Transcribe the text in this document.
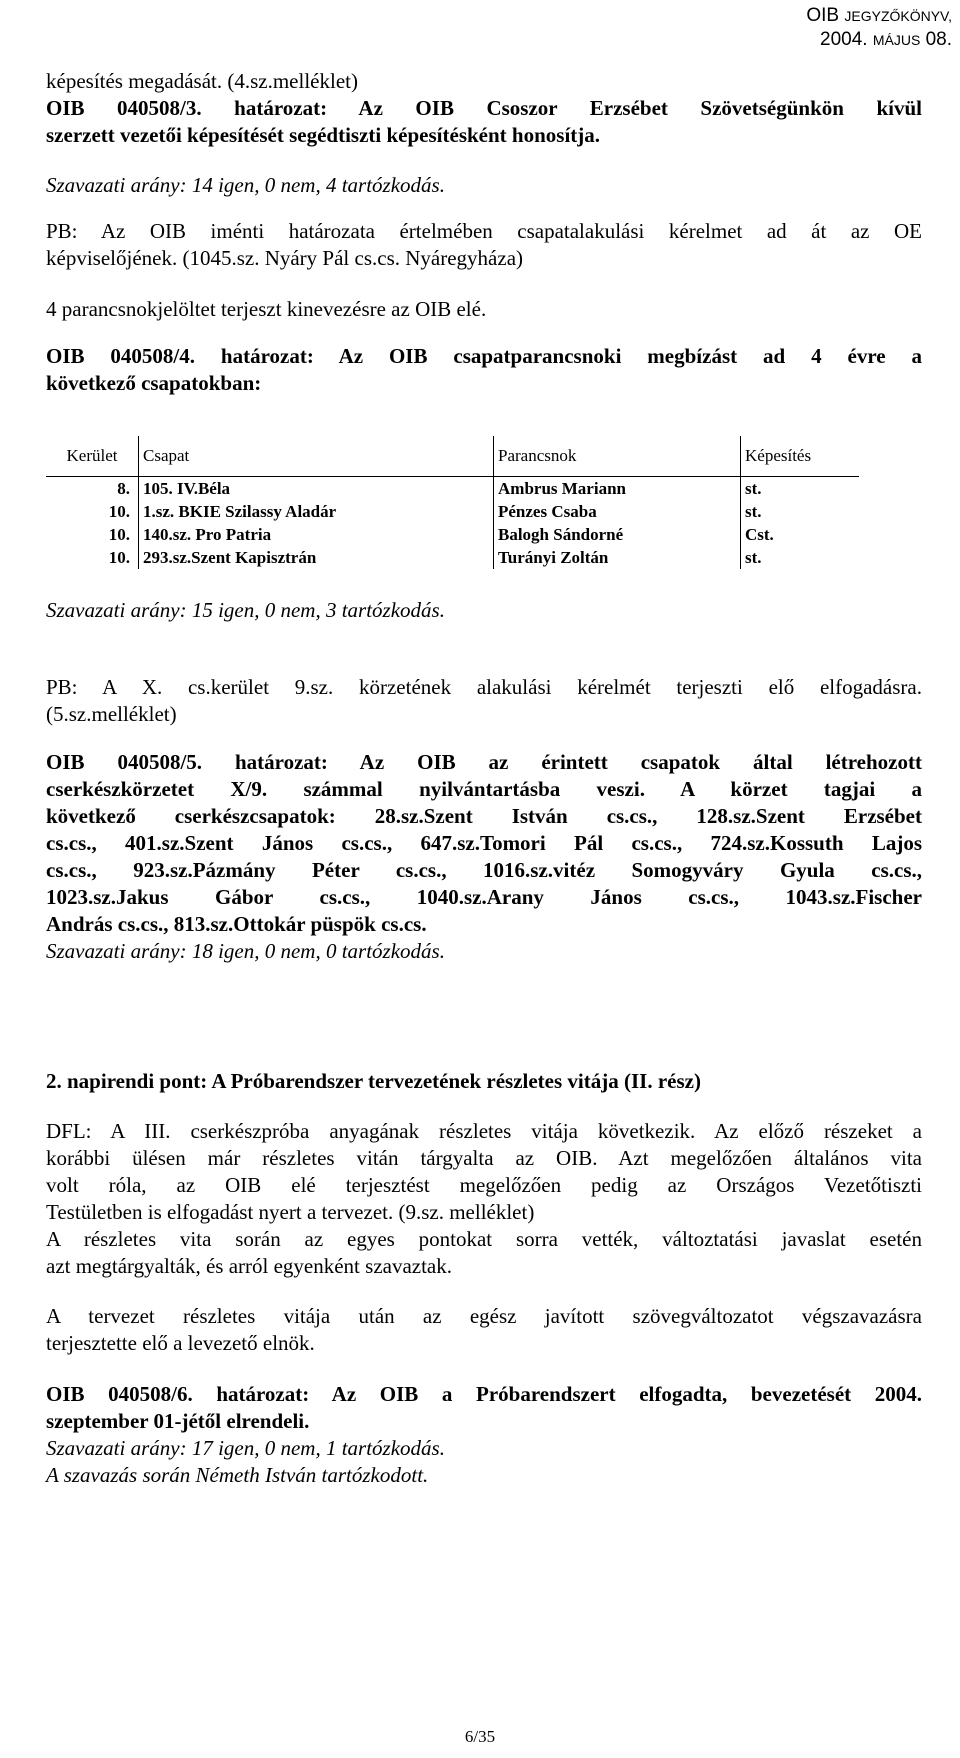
OIB JEGYZŐKÖNYV,
2004. MÁJUS 08.
képesítés megadását. (4.sz.melléklet)
OIB 040508/3. határozat: Az OIB Csoszor Erzsébet Szövetségünkön kívül
szerzett vezetői képesítését segédtiszti képesítésként honosítja.
Szavazati arány: 14 igen, 0 nem, 4 tartózkodás.
PB: Az OIB iménti határozata értelmében csapatalakulási kérelmet ad át az OE
képviselőjének. (1045.sz. Nyáry Pál cs.cs. Nyáregyháza)
4 parancsnokjelöltet terjeszt kinevezésre az OIB elé.
OIB 040508/4. határozat: Az OIB csapatparancsnoki megbízást ad 4 évre a
következő csapatokban:
Kerület	Csapat	Parancsnok	Képesítés
8.	105. IV.Béla	Ambrus Mariann	st.
10.	1.sz. BKIE Szilassy Aladár	Pénzes Csaba	st.
10.	140.sz. Pro Patria	Balogh Sándorné	Cst.
10.	293.sz.Szent Kapisztrán	Turányi Zoltán	st.
Szavazati arány: 15 igen, 0 nem, 3 tartózkodás.
PB: A X. cs.kerület 9.sz. körzetének alakulási kérelmét terjeszti elő elfogadásra.
(5.sz.melléklet)
OIB 040508/5. határozat: Az OIB az érintett csapatok által létrehozott
cserkészkörzetet X/9. számmal nyilvántartásba veszi. A körzet tagjai a
következő cserkészcsapatok: 28.sz.Szent István cs.cs., 128.sz.Szent Erzsébet
cs.cs., 401.sz.Szent János cs.cs., 647.sz.Tomori Pál cs.cs., 724.sz.Kossuth Lajos
cs.cs., 923.sz.Pázmány Péter cs.cs., 1016.sz.vitéz Somogyváry Gyula cs.cs.,
1023.sz.Jakus Gábor cs.cs., 1040.sz.Arany János cs.cs., 1043.sz.Fischer
András cs.cs., 813.sz.Ottokár püspök cs.cs.
Szavazati arány: 18 igen, 0 nem, 0 tartózkodás.
2. napirendi pont: A Próbarendszer tervezetének részletes vitája (II. rész)
DFL: A III. cserkészpróba anyagának részletes vitája következik. Az előző részeket a
korábbi ülésen már részletes vitán tárgyalta az OIB. Azt megelőzően általános vita
volt róla, az OIB elé terjesztést megelőzően pedig az Országos Vezetőtiszti
Testületben is elfogadást nyert a tervezet. (9.sz. melléklet)
A részletes vita során az egyes pontokat sorra vették, változtatási javaslat esetén
azt megtárgyalták, és arról egyenként szavaztak.
A tervezet részletes vitája után az egész javított szövegváltozatot végszavazásra
terjesztette elő a levezető elnök.
OIB 040508/6. határozat: Az OIB a Próbarendszert elfogadta, bevezetését 2004.
szeptember 01-jétől elrendeli.
Szavazati arány: 17 igen, 0 nem, 1 tartózkodás.
A szavazás során Németh István tartózkodott.
6/35
